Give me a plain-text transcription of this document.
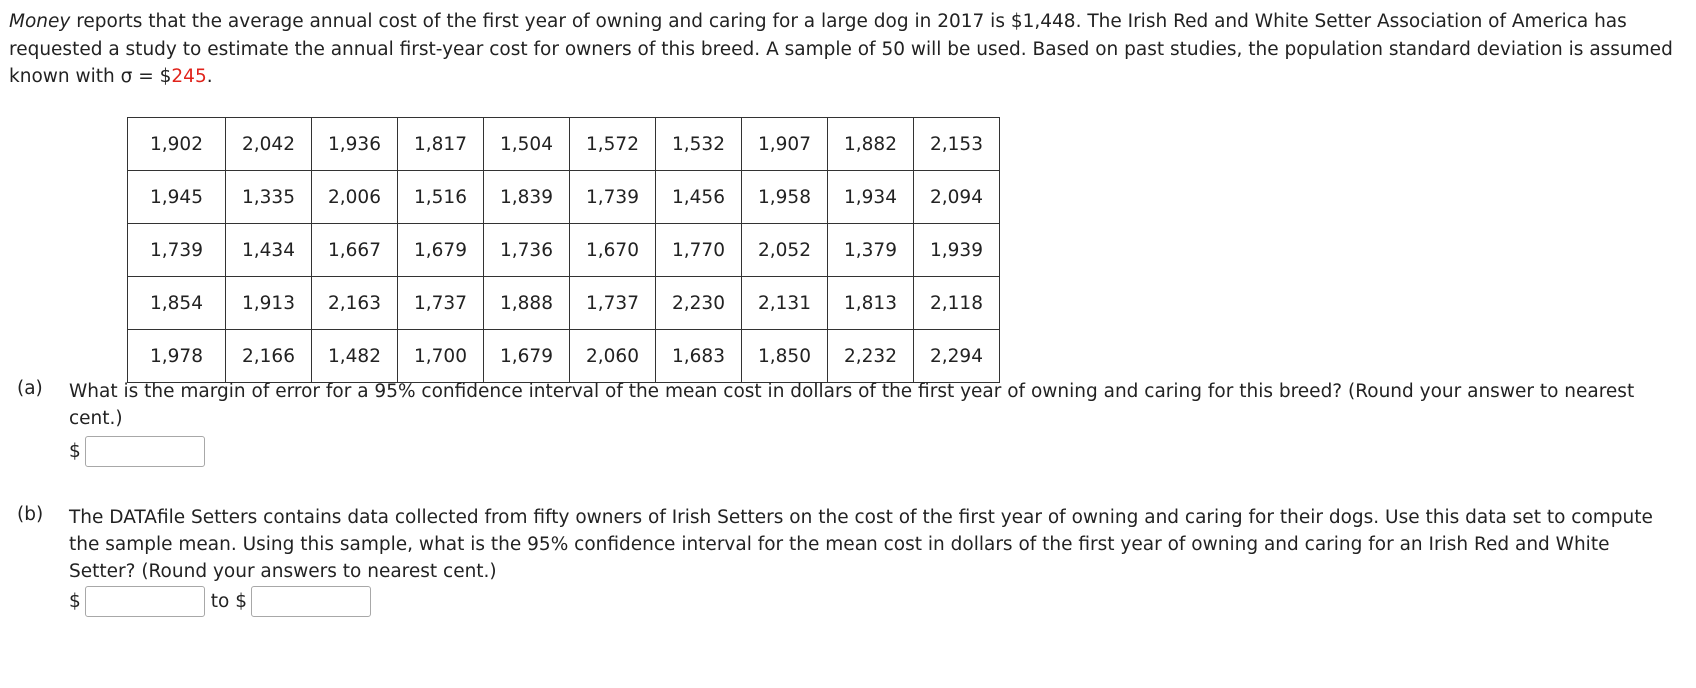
Money reports that the average annual cost of the first year of owning and caring for a large dog in 2017 is $1,448. The Irish Red and White Setter Association of America has requested a study to estimate the annual first-year cost for owners of this breed. A sample of 50 will be used. Based on past studies, the population standard deviation is assumed known with σ = $245.

1,902	2,042	1,936	1,817	1,504	1,572	1,532	1,907	1,882	2,153
1,945	1,335	2,006	1,516	1,839	1,739	1,456	1,958	1,934	2,094
1,739	1,434	1,667	1,679	1,736	1,670	1,770	2,052	1,379	1,939
1,854	1,913	2,163	1,737	1,888	1,737	2,230	2,131	1,813	2,118
1,978	2,166	1,482	1,700	1,679	2,060	1,683	1,850	2,232	2,294
(a) What is the margin of error for a 95% confidence interval of the mean cost in dollars of the first year of owning and caring for this breed? (Round your answer to nearest cent.)
$
(b) The DATAfile Setters contains data collected from fifty owners of Irish Setters on the cost of the first year of owning and caring for their dogs. Use this data set to compute the sample mean. Using this sample, what is the 95% confidence interval for the mean cost in dollars of the first year of owning and caring for an Irish Red and White Setter? (Round your answers to nearest cent.)
$	to $
